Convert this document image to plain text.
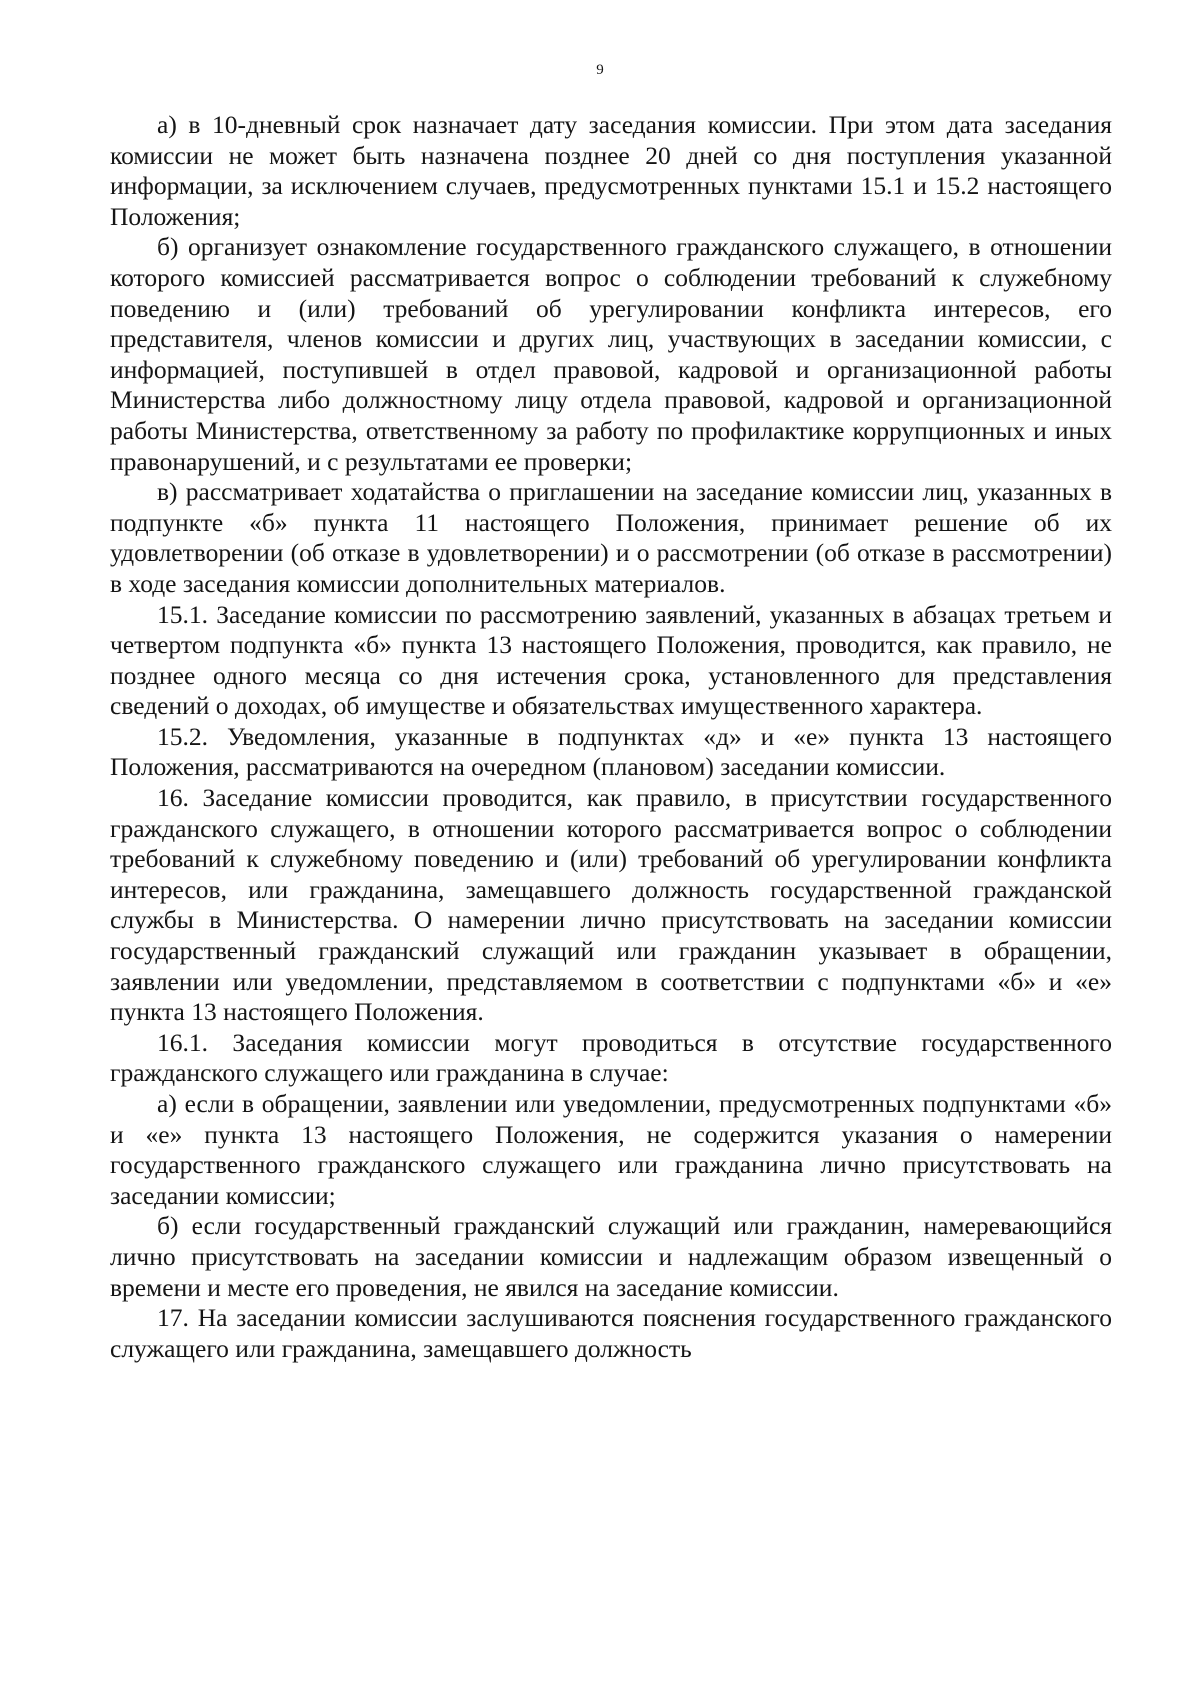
9

а) в 10-дневный срок назначает дату заседания комиссии. При этом дата заседания комиссии не может быть назначена позднее 20 дней со дня поступления указанной информации, за исключением случаев, предусмотренных пунктами 15.1 и 15.2 настоящего Положения;

б) организует ознакомление государственного гражданского служащего, в отношении которого комиссией рассматривается вопрос о соблюдении требований к служебному поведению и (или) требований об урегулировании конфликта интересов, его представителя, членов комиссии и других лиц, участвующих в заседании комиссии, с информацией, поступившей в отдел правовой, кадровой и организационной работы Министерства либо должностному лицу отдела правовой, кадровой и организационной работы Министерства, ответственному за работу по профилактике коррупционных и иных правонарушений, и с результатами ее проверки;

в) рассматривает ходатайства о приглашении на заседание комиссии лиц, указанных в подпункте «б» пункта 11 настоящего Положения, принимает решение об их удовлетворении (об отказе в удовлетворении) и о рассмотрении (об отказе в рассмотрении) в ходе заседания комиссии дополнительных материалов.

15.1. Заседание комиссии по рассмотрению заявлений, указанных в абзацах третьем и четвертом подпункта «б» пункта 13 настоящего Положения, проводится, как правило, не позднее одного месяца со дня истечения срока, установленного для представления сведений о доходах, об имуществе и обязательствах имущественного характера.

15.2. Уведомления, указанные в подпунктах «д» и «е» пункта 13 настоящего Положения, рассматриваются на очередном (плановом) заседании комиссии.

16. Заседание комиссии проводится, как правило, в присутствии государственного гражданского служащего, в отношении которого рассматривается вопрос о соблюдении требований к служебному поведению и (или) требований об урегулировании конфликта интересов, или гражданина, замещавшего должность государственной гражданской службы в Министерства. О намерении лично присутствовать на заседании комиссии государственный гражданский служащий или гражданин указывает в обращении, заявлении или уведомлении, представляемом в соответствии с подпунктами «б» и «е» пункта 13 настоящего Положения.

16.1. Заседания комиссии могут проводиться в отсутствие государственного гражданского служащего или гражданина в случае:

а) если в обращении, заявлении или уведомлении, предусмотренных подпунктами «б» и «е» пункта 13 настоящего Положения, не содержится указания о намерении государственного гражданского служащего или гражданина лично присутствовать на заседании комиссии;

б) если государственный гражданский служащий или гражданин, намеревающийся лично присутствовать на заседании комиссии и надлежащим образом извещенный о времени и месте его проведения, не явился на заседание комиссии.

17. На заседании комиссии заслушиваются пояснения государственного гражданского служащего или гражданина, замещавшего должность
